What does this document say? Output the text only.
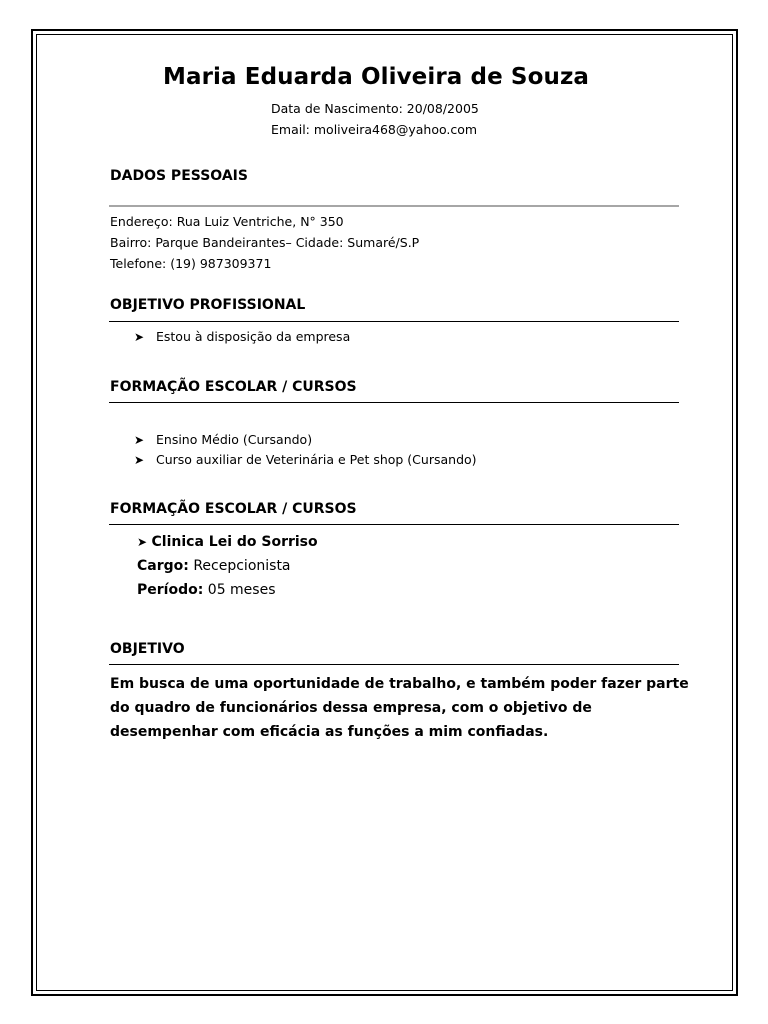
Maria Eduarda Oliveira de Souza
Data de Nascimento: 20/08/2005
Email: moliveira468@yahoo.com
DADOS PESSOAIS
Endereço: Rua Luiz Ventriche, N° 350
Bairro: Parque Bandeirantes– Cidade: Sumaré/S.P
Telefone: (19) 987309371
OBJETIVO PROFISSIONAL
➤ Estou à disposição da empresa
FORMAÇÃO ESCOLAR / CURSOS
➤ Ensino Médio (Cursando)
➤ Curso auxiliar de Veterinária e Pet shop (Cursando)
FORMAÇÃO ESCOLAR / CURSOS
➤ Clinica Lei do Sorriso
Cargo: Recepcionista
Período: 05 meses
OBJETIVO
Em busca de uma oportunidade de trabalho, e também poder fazer parte do quadro de funcionários dessa empresa, com o objetivo de desempenhar com eficácia as funções a mim confiadas.
